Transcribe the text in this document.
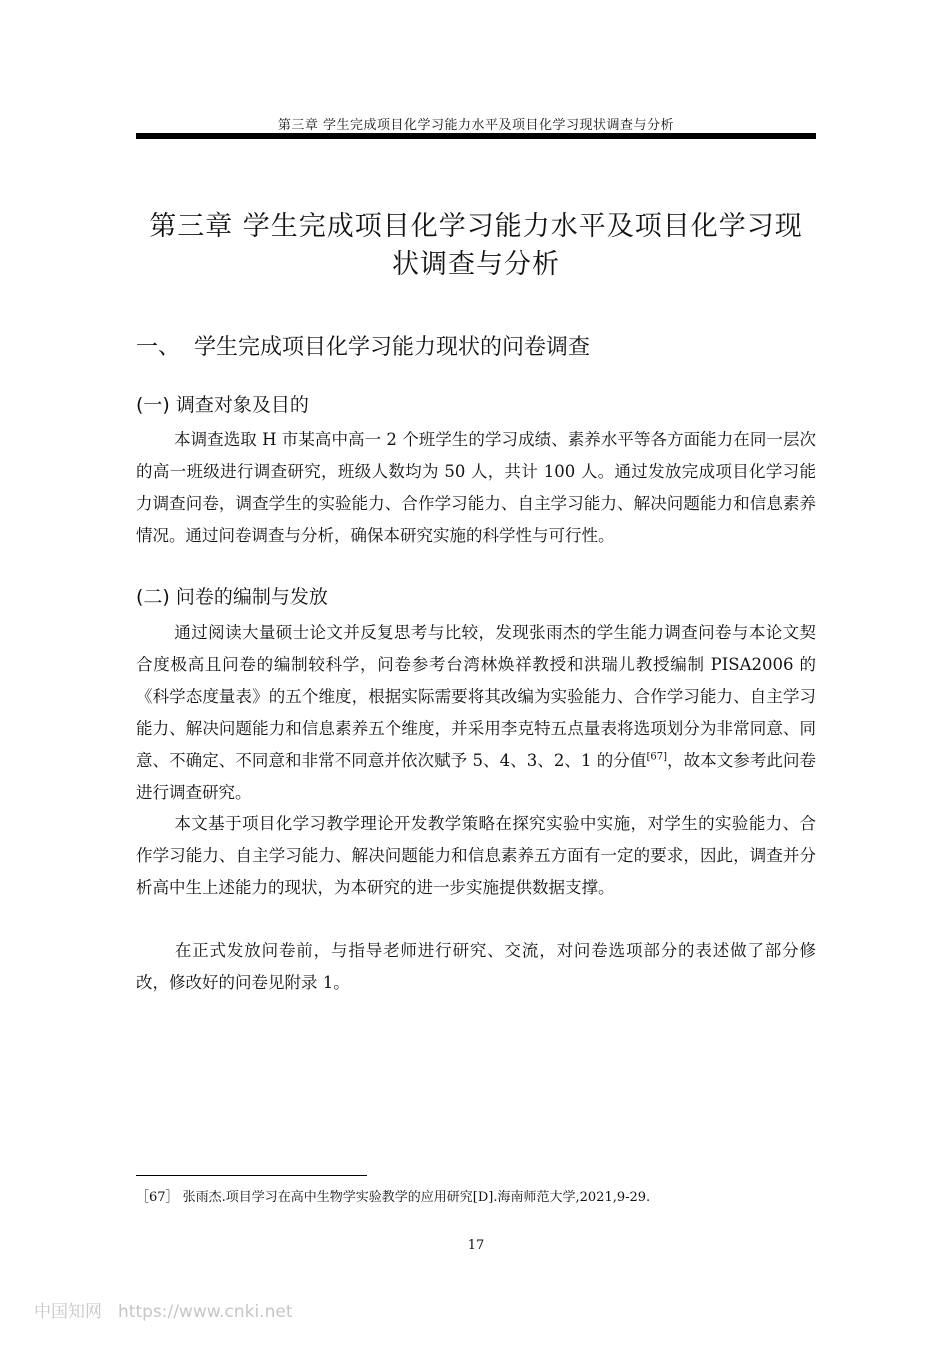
第三章 学生完成项目化学习能力水平及项目化学习现状调查与分析
第三章 学生完成项目化学习能力水平及项目化学习现
状调查与分析
一、 学生完成项目化学习能力现状的问卷调查
(一) 调查对象及目的

本调查选取 H 市某高中高一 2 个班学生的学习成绩、素养水平等各方面能力在同一层次的高一班级进行调查研究，班级人数均为 50 人，共计 100 人。通过发放完成项目化学习能力调查问卷，调查学生的实验能力、合作学习能力、自主学习能力、解决问题能力和信息素养情况。通过问卷调查与分析，确保本研究实施的科学性与可行性。

(二) 问卷的编制与发放

通过阅读大量硕士论文并反复思考与比较，发现张雨杰的学生能力调查问卷与本论文契合度极高且问卷的编制较科学，问卷参考台湾林焕祥教授和洪瑞儿教授编制 PISA2006 的《科学态度量表》的五个维度，根据实际需要将其改编为实验能力、合作学习能力、自主学习能力、解决问题能力和信息素养五个维度，并采用李克特五点量表将选项划分为非常同意、同意、不确定、不同意和非常不同意并依次赋予 5、4、3、2、1 的分值[67]，故本文参考此问卷进行调查研究。

本文基于项目化学习教学理论开发教学策略在探究实验中实施，对学生的实验能力、合作学习能力、自主学习能力、解决问题能力和信息素养五方面有一定的要求，因此，调查并分析高中生上述能力的现状，为本研究的进一步实施提供数据支撑。

在正式发放问卷前，与指导老师进行研究、交流，对问卷选项部分的表述做了部分修改，修改好的问卷见附录 1。

［67］ 张雨杰.项目学习在高中生物学实验教学的应用研究[D].海南师范大学,2021,9-29.
17
中国知网 https://www.cnki.net
